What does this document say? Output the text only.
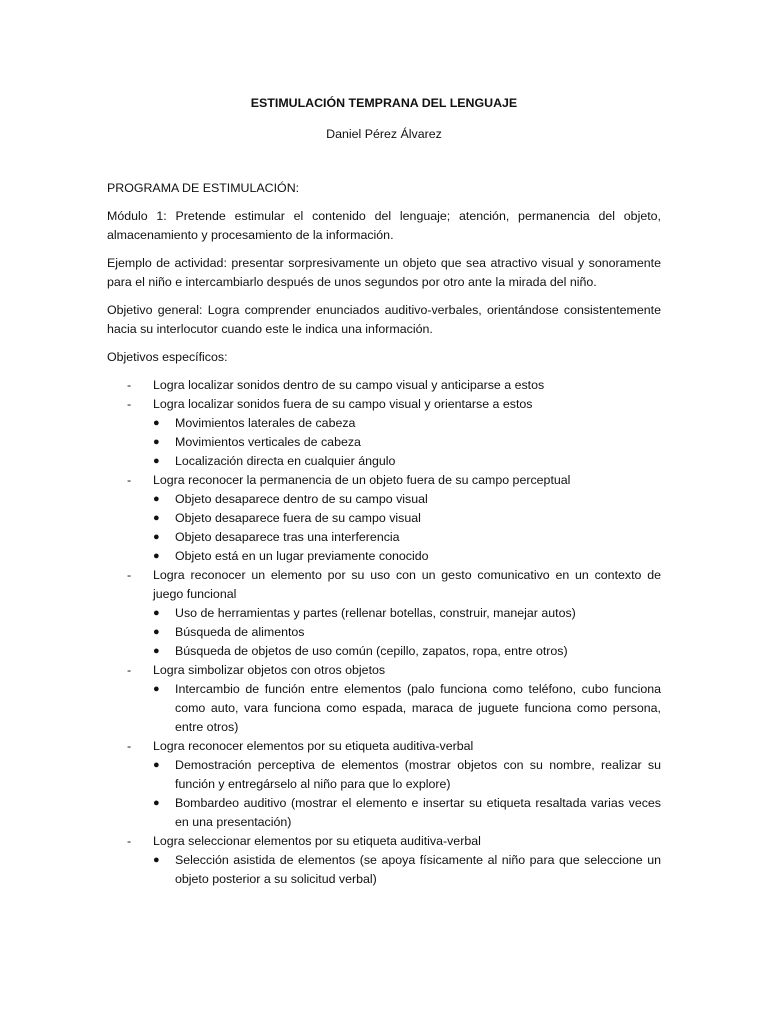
ESTIMULACIÓN TEMPRANA DEL LENGUAJE
Daniel Pérez Álvarez
PROGRAMA DE ESTIMULACIÓN:

Módulo 1: Pretende estimular el contenido del lenguaje; atención, permanencia del objeto, almacenamiento y procesamiento de la información.

Ejemplo de actividad: presentar sorpresivamente un objeto que sea atractivo visual y sonoramente para el niño e intercambiarlo después de unos segundos por otro ante la mirada del niño.

Objetivo general: Logra comprender enunciados auditivo-verbales, orientándose consistentemente hacia su interlocutor cuando este le indica una información.

Objetivos específicos:

- Logra localizar sonidos dentro de su campo visual y anticiparse a estos
- Logra localizar sonidos fuera de su campo visual y orientarse a estos
● Movimientos laterales de cabeza
● Movimientos verticales de cabeza
● Localización directa en cualquier ángulo
- Logra reconocer la permanencia de un objeto fuera de su campo perceptual
● Objeto desaparece dentro de su campo visual
● Objeto desaparece fuera de su campo visual
● Objeto desaparece tras una interferencia
● Objeto está en un lugar previamente conocido
- Logra reconocer un elemento por su uso con un gesto comunicativo en un contexto de juego funcional
● Uso de herramientas y partes (rellenar botellas, construir, manejar autos)
● Búsqueda de alimentos
● Búsqueda de objetos de uso común (cepillo, zapatos, ropa, entre otros)
- Logra simbolizar objetos con otros objetos
● Intercambio de función entre elementos (palo funciona como teléfono, cubo funciona como auto, vara funciona como espada, maraca de juguete funciona como persona, entre otros)
- Logra reconocer elementos por su etiqueta auditiva-verbal
● Demostración perceptiva de elementos (mostrar objetos con su nombre, realizar su función y entregárselo al niño para que lo explore)
● Bombardeo auditivo (mostrar el elemento e insertar su etiqueta resaltada varias veces en una presentación)
- Logra seleccionar elementos por su etiqueta auditiva-verbal
● Selección asistida de elementos (se apoya físicamente al niño para que seleccione un objeto posterior a su solicitud verbal)
